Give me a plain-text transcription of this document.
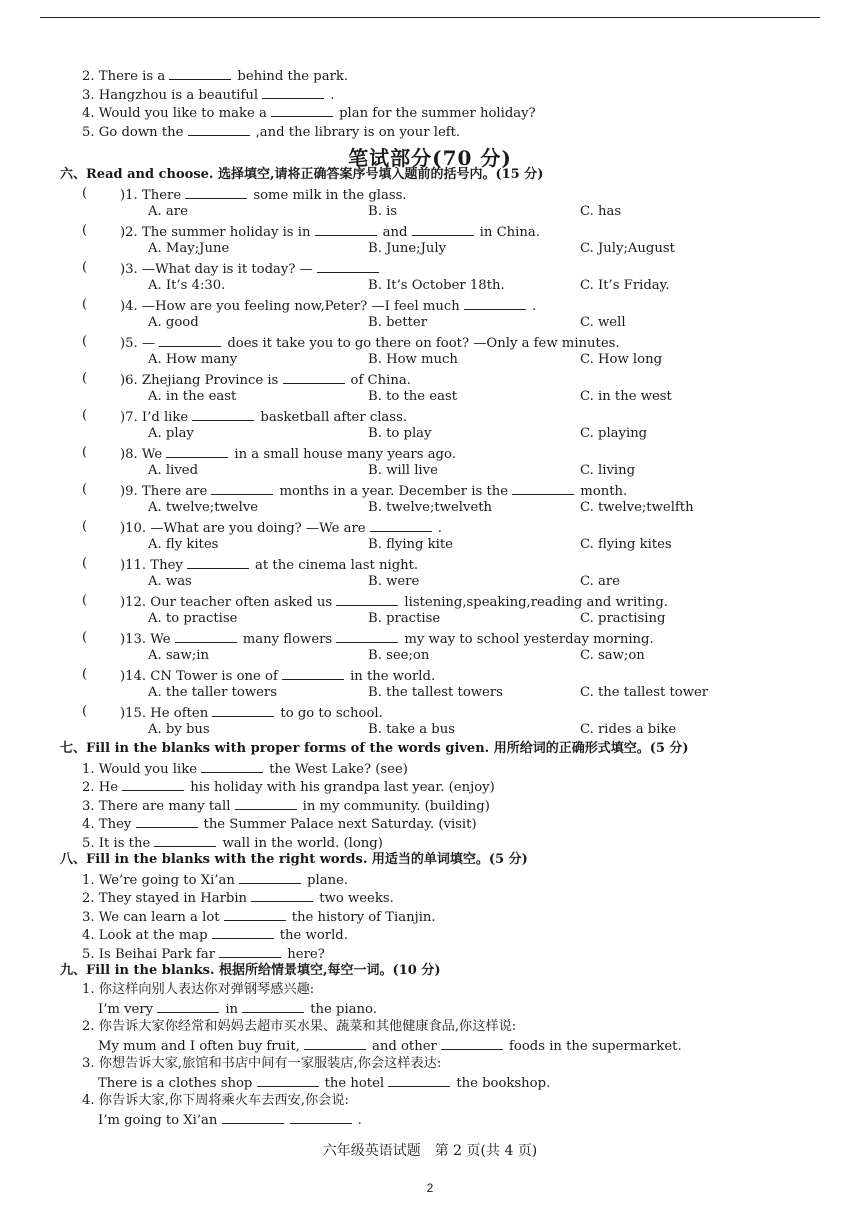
2. There is a	behind the park.
3. Hangzhou is a beautiful	.
4. Would you like to make a	plan for the summer holiday?
5. Go down the	,and the library is on your left.
笔试部分(70 分)
六、Read and choose. 选择填空,请将正确答案序号填入题前的括号内。(15 分)
( )1. There	some milk in the glass.
A. are	B. is	C. has
( )2. The summer holiday is in	and	in China.
A. May;June	B. June;July	C. July;August
( )3. —What day is it today? —
A. It’s 4:30.	B. It’s October 18th.	C. It’s Friday.
( )4. —How are you feeling now,Peter? —I feel much	.
A. good	B. better	C. well
( )5. —	does it take you to go there on foot? —Only a few minutes.
A. How many	B. How much	C. How long
( )6. Zhejiang Province is	of China.
A. in the east	B. to the east	C. in the west
( )7. I’d like	basketball after class.
A. play	B. to play	C. playing
( )8. We	in a small house many years ago.
A. lived	B. will live	C. living
( )9. There are	months in a year. December is the	month.
A. twelve;twelve	B. twelve;twelveth	C. twelve;twelfth
( )10. —What are you doing? —We are	.
A. fly kites	B. flying kite	C. flying kites
( )11. They	at the cinema last night.
A. was	B. were	C. are
( )12. Our teacher often asked us	listening,speaking,reading and writing.
A. to practise	B. practise	C. practising
( )13. We	many flowers	my way to school yesterday morning.
A. saw;in	B. see;on	C. saw;on
( )14. CN Tower is one of	in the world.
A. the taller towers	B. the tallest towers	C. the tallest tower
( )15. He often	to go to school.
A. by bus	B. take a bus	C. rides a bike
七、Fill in the blanks with proper forms of the words given. 用所给词的正确形式填空。(5 分)
1. Would you like	the West Lake? (see)
2. He	his holiday with his grandpa last year. (enjoy)
3. There are many tall	in my community. (building)
4. They	the Summer Palace next Saturday. (visit)
5. It is the	wall in the world. (long)
八、Fill in the blanks with the right words. 用适当的单词填空。(5 分)
1. We’re going to Xi’an	plane.
2. They stayed in Harbin	two weeks.
3. We can learn a lot	the history of Tianjin.
4. Look at the map	the world.
5. Is Beihai Park far	here?
九、Fill in the blanks. 根据所给情景填空,每空一词。(10 分)
1. 你这样向别人表达你对弹钢琴感兴趣:
I’m very	in	the piano.
2. 你告诉大家你经常和妈妈去超市买水果、蔬菜和其他健康食品,你这样说:
My mum and I often buy fruit,	and other	foods in the supermarket.
3. 你想告诉大家,旅馆和书店中间有一家服装店,你会这样表达:
There is a clothes shop	the hotel	the bookshop.
4. 你告诉大家,你下周将乘火车去西安,你会说:
I’m going to Xi’an	.
六年级英语试题　第 2 页(共 4 页)
2
